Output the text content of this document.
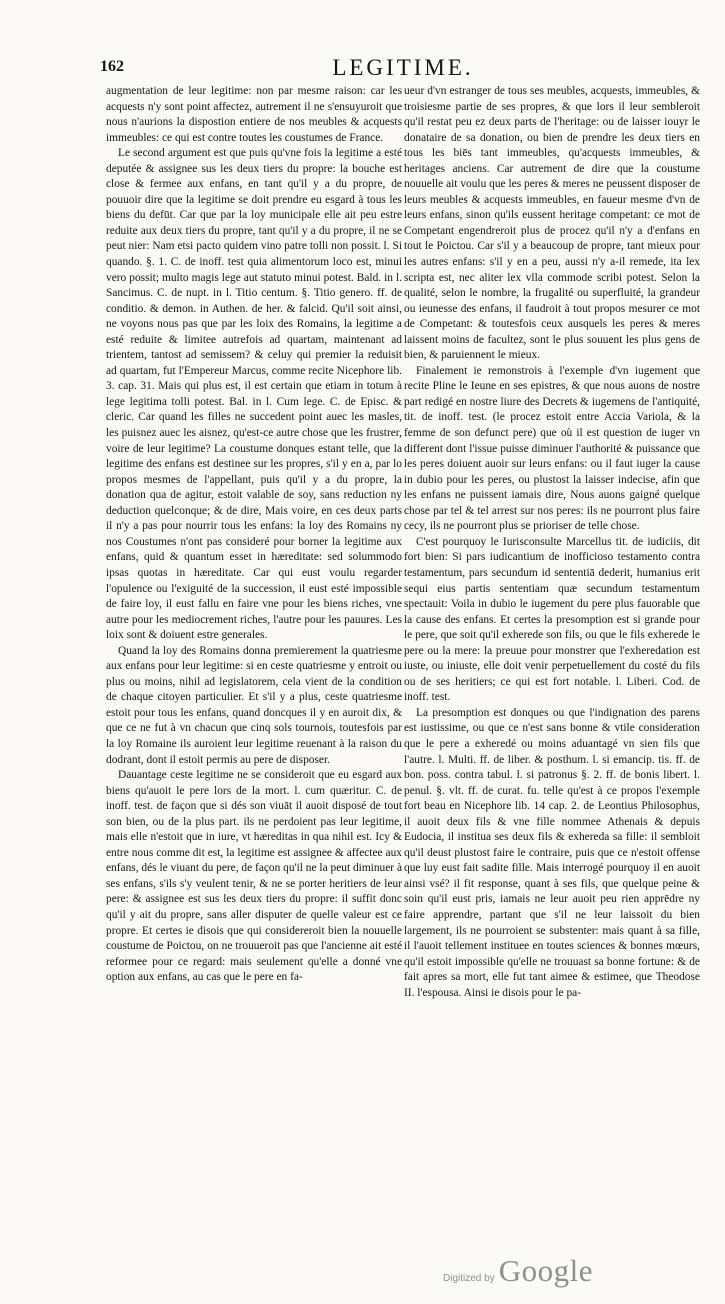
162	LEGITIME.

augmentation de leur legitime: non par mesme raison: car les acquests n'y sont point affectez, autrement il ne s'ensuyuroit que nous n'aurions la dispostion entiere de nos meubles & acquests immeubles: ce qui est contre toutes les coustumes de France.

Le second argument est que puis qu'vne fois la legitime a esté deputée & assignee sus les deux tiers du propre: la bouche est close & fermee aux enfans, en tant qu'il y a du propre, de pouuoir dire que la legitime se doit prendre eu esgard à tous les biens du defūt. Car que par la loy municipale elle ait peu estre reduite aux deux tiers du propre, tant qu'il y a du propre, il ne se peut nier: Nam etsi pacto quidem vino patre tolli non possit. l. Si quando. §. 1. C. de inoff. test quia alimentorum loco est, minui vero possit; multo magis lege aut statuto minui potest. Bald. in l. Sancimus. C. de nupt. in l. Titio centum. §. Titio genero. ff. de conditio. & demon. in Authen. de her. & falcid. Qu'il soit ainsi, ne voyons nous pas que par les loix des Romains, la legitime a esté reduite & limitee autrefois ad quartam, maintenant ad trientem, tantost ad semissem? & celuy qui premier la reduisit ad quartam, fut l'Empereur Marcus, comme recite Nicephore lib. 3. cap. 31. Mais qui plus est, il est certain que etiam in totum à lege legitima tolli potest. Bal. in l. Cum lege. C. de Episc. & cleric. Car quand les filles ne succedent point auec les masles, les puisnez auec les aisnez, qu'est-ce autre chose que les frustrer, voire de leur legitime? La coustume donques estant telle, que la legitime des enfans est destinee sur les propres, s'il y en a, par lo propos mesmes de l'appellant, puis qu'il y a du propre, la donation qua de agitur, estoit valable de soy, sans reduction ny deduction quelconque; & de dire, Mais voire, en ces deux parts il n'y a pas pour nourrir tous les enfans: la loy des Romains ny nos Coustumes n'ont pas consideré pour borner la legitime aux enfans, quid & quantum esset in hæreditate: sed solummodo ipsas quotas in hæreditate. Car qui eust voulu regarder l'opulence ou l'exiguité de la succession, il eust esté impossible de faire loy, il eust fallu en faire vne pour les biens riches, vne autre pour les mediocrement riches, l'autre pour les pauures. Les loix sont & doiuent estre generales.

Quand la loy des Romains donna premierement la quatriesme aux enfans pour leur legitime: si en ceste quatriesme y entroit ou plus ou moins, nihil ad legislatorem, cela vient de la condition de chaque citoyen particulier. Et s'il y a plus, ceste quatriesme estoit pour tous les enfans, quand doncques il y en auroit dix, & que ce ne fut à vn chacun que cinq sols tournois, toutesfois par la loy Romaine ils auroient leur legitime reuenant à la raison du dodrant, dont il estoit permis au pere de disposer.

Dauantage ceste legitime ne se consideroit que eu esgard aux biens qu'auoit le pere lors de la mort. l. cum quæritur. C. de inoff. test. de façon que si dés son viuāt il auoit disposé de tout son bien, ou de la plus part. ils ne perdoient pas leur legitime, mais elle n'estoit que in iure, vt hæreditas in qua nihil est. Icy & entre nous comme dit est, la legitime est assignee & affectee aux enfans, dés le viuant du pere, de façon qu'il ne la peut diminuer à ses enfans, s'ils s'y veulent tenir, & ne se porter heritiers de leur pere: & assignee est sus les deux tiers du propre: il suffit donc qu'il y ait du propre, sans aller disputer de quelle valeur est ce propre. Et certes ie disois que qui considereroit bien la nouuelle coustume de Poictou, on ne trouueroit pas que l'ancienne ait esté reformee pour ce regard: mais seulement qu'elle a donné vne option aux enfans, au cas que le pere en fa-

ueur d'vn estranger de tous ses meubles, acquests, immeubles, & troisiesme partie de ses propres, & que lors il leur sembleroit qu'il restat peu ez deux parts de l'heritage: ou de laisser iouyr le donataire de sa donation, ou bien de prendre les deux tiers en tous les biēs tant immeubles, qu'acquests immeubles, & heritages anciens. Car autrement de dire que la coustume nouuelle ait voulu que les peres & meres ne peussent disposer de leurs meubles & acquests immeubles, en faueur mesme d'vn de leurs enfans, sinon qu'ils eussent heritage competant: ce mot de Competant engendreroit plus de procez qu'il n'y a d'enfans en tout le Poictou. Car s'il y a beaucoup de propre, tant mieux pour les autres enfans: s'il y en a peu, aussi n'y a-il remede, ita lex scripta est, nec aliter lex vlla commode scribi potest. Selon la qualité, selon le nombre, la frugalité ou superfluité, la grandeur ou ieunesse des enfans, il faudroit à tout propos mesurer ce mot de Competant: & toutesfois ceux ausquels les peres & meres laissent moins de facultez, sont le plus souuent les plus gens de bien, & paruiennent le mieux.

Finalement ie remonstrois à l'exemple d'vn iugement que recite Pline le Ieune en ses epistres, & que nous auons de nostre part redigé en nostre liure des Decrets & iugemens de l'antiquité, tit. de inoff. test. (le procez estoit entre Accia Variola, & la femme de son defunct pere) que où il est question de iuger vn different dont l'issue puisse diminuer l'authorité & puissance que les peres doiuent auoir sur leurs enfans: ou il faut iuger la cause in dubio pour les peres, ou plustost la laisser indecise, afin que les enfans ne puissent iamais dire, Nous auons gaigné quelque chose par tel & tel arrest sur nos peres: ils ne pourront plus faire cecy, ils ne pourront plus se prioriser de telle chose.

C'est pourquoy le Iurisconsulte Marcellus tit. de iudiciis, dit fort bien: Si pars iudicantium de inofficioso testamento contra testamentum, pars secundum id sententiā dederit, humanius erit sequi eius partis sententiam quæ secundum testamentum spectauit: Voila in dubio le iugement du pere plus fauorable que la cause des enfans. Et certes la presomption est si grande pour le pere, que soit qu'il exherede son fils, ou que le fils exherede le pere ou la mere: la preuue pour monstrer que l'exheredation est iuste, ou iniuste, elle doit venir perpetuellement du costé du fils ou de ses heritiers; ce qui est fort notable. l. Liberi. Cod. de inoff. test.

La presomption est donques ou que l'indignation des parens est iustissime, ou que ce n'est sans bonne & vtile consideration que le pere a exheredé ou moins aduantagé vn sien fils que l'autre. l. Multi. ff. de liber. & posthum. l. si emancip. tis. ff. de bon. poss. contra tabul. l. si patronus §. 2. ff. de bonis libert. l. penul. §. vlt. ff. de curat. fu. telle qu'est à ce propos l'exemple fort beau en Nicephore lib. 14 cap. 2. de Leontius Philosophus, il auoit deux fils & vne fille nommee Athenais & depuis Eudocia, il institua ses deux fils & exhereda sa fille: il sembloit qu'il deust plustost faire le contraire, puis que ce n'estoit offense que luy eust fait sadite fille. Mais interrogé pourquoy il en auoit ainsi vsé? il fit response, quant à ses fils, que quelque peine & soin qu'il eust pris, iamais ne leur auoit peu rien apprēdre ny faire apprendre, partant que s'il ne leur laissoit du bien largement, ils ne pourroient se substenter: mais quant à sa fille, il l'auoit tellement instituee en toutes sciences & bonnes mœurs, qu'il estoit impossible qu'elle ne trouuast sa bonne fortune: & de fait apres sa mort, elle fut tant aimee & estimee, que Theodose II. l'espousa. Ainsi ie disois pour le pa-

Digitized by Google
